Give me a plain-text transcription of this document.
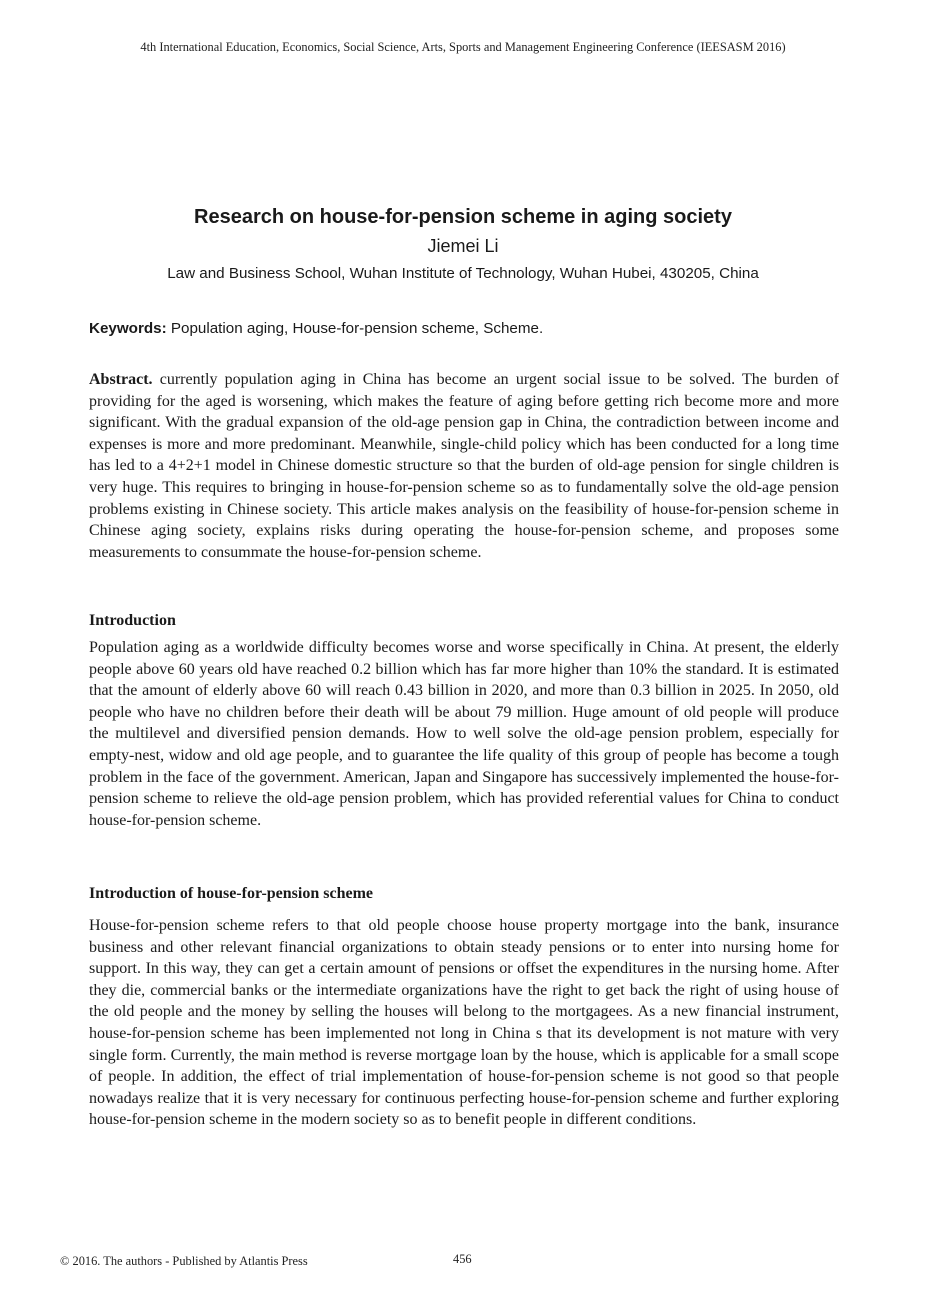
4th International Education, Economics, Social Science, Arts, Sports and Management Engineering Conference (IEESASM 2016)
Research on house-for-pension scheme in aging society

Jiemei Li

Law and Business School, Wuhan Institute of Technology, Wuhan Hubei, 430205, China

Keywords: Population aging, House-for-pension scheme, Scheme.

Abstract. currently population aging in China has become an urgent social issue to be solved. The burden of providing for the aged is worsening, which makes the feature of aging before getting rich become more and more significant. With the gradual expansion of the old-age pension gap in China, the contradiction between income and expenses is more and more predominant. Meanwhile, single-child policy which has been conducted for a long time has led to a 4+2+1 model in Chinese domestic structure so that the burden of old-age pension for single children is very huge. This requires to bringing in house-for-pension scheme so as to fundamentally solve the old-age pension problems existing in Chinese society. This article makes analysis on the feasibility of house-for-pension scheme in Chinese aging society, explains risks during operating the house-for-pension scheme, and proposes some measurements to consummate the house-for-pension scheme.

Introduction

Population aging as a worldwide difficulty becomes worse and worse specifically in China. At present, the elderly people above 60 years old have reached 0.2 billion which has far more higher than 10% the standard. It is estimated that the amount of elderly above 60 will reach 0.43 billion in 2020, and more than 0.3 billion in 2025. In 2050, old people who have no children before their death will be about 79 million. Huge amount of old people will produce the multilevel and diversified pension demands. How to well solve the old-age pension problem, especially for empty-nest, widow and old age people, and to guarantee the life quality of this group of people has become a tough problem in the face of the government. American, Japan and Singapore has successively implemented the house-for-pension scheme to relieve the old-age pension problem, which has provided referential values for China to conduct house-for-pension scheme.

Introduction of house-for-pension scheme

House-for-pension scheme refers to that old people choose house property mortgage into the bank, insurance business and other relevant financial organizations to obtain steady pensions or to enter into nursing home for support. In this way, they can get a certain amount of pensions or offset the expenditures in the nursing home. After they die, commercial banks or the intermediate organizations have the right to get back the right of using house of the old people and the money by selling the houses will belong to the mortgagees. As a new financial instrument, house-for-pension scheme has been implemented not long in China s that its development is not mature with very single form. Currently, the main method is reverse mortgage loan by the house, which is applicable for a small scope of people. In addition, the effect of trial implementation of house-for-pension scheme is not good so that people nowadays realize that it is very necessary for continuous perfecting house-for-pension scheme and further exploring house-for-pension scheme in the modern society so as to benefit people in different conditions.

© 2016. The authors - Published by Atlantis Press	456
